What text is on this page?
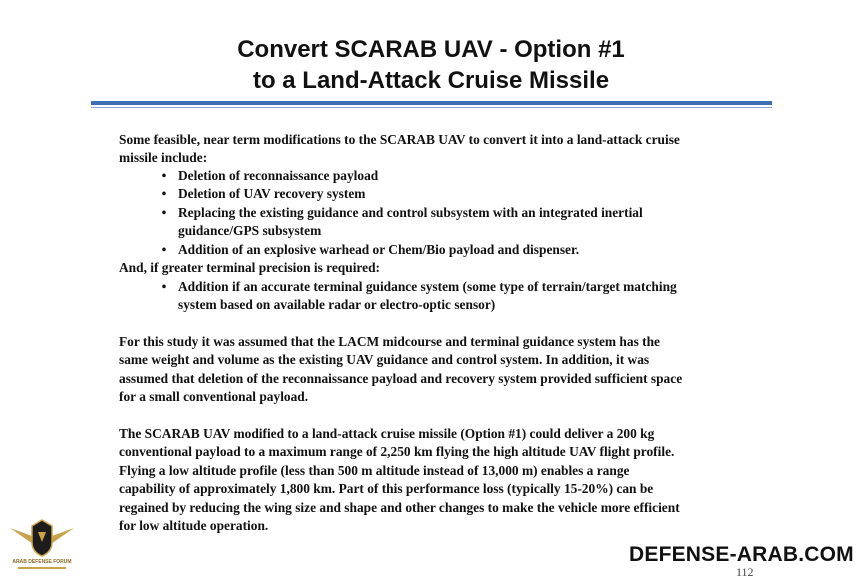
Convert SCARAB UAV - Option #1
to a Land-Attack Cruise Missile
Some feasible, near term modifications to the SCARAB UAV to convert it into a land-attack cruise
missile include:
• Deletion of reconnaissance payload
• Deletion of UAV recovery system
• Replacing the existing guidance and control subsystem with an integrated inertial
guidance/GPS subsystem
• Addition of an explosive warhead or Chem/Bio payload and dispenser.
And, if greater terminal precision is required:
• Addition if an accurate terminal guidance system (some type of terrain/target matching
system based on available radar or electro-optic sensor)
For this study it was assumed that the LACM midcourse and terminal guidance system has the
same weight and volume as the existing UAV guidance and control system. In addition, it was
assumed that deletion of the reconnaissance payload and recovery system provided sufficient space
for a small conventional payload.
The SCARAB UAV modified to a land-attack cruise missile (Option #1) could deliver a 200 kg
conventional payload to a maximum range of 2,250 km flying the high altitude UAV flight profile.
Flying a low altitude profile (less than 500 m altitude instead of 13,000 m) enables a range
capability of approximately 1,800 km. Part of this performance loss (typically 15-20%) can be
regained by reducing the wing size and shape and other changes to make the vehicle more efficient
for low altitude operation.
112
ARAB DEFENSE FORUM	DEFENSE-ARAB.COM
